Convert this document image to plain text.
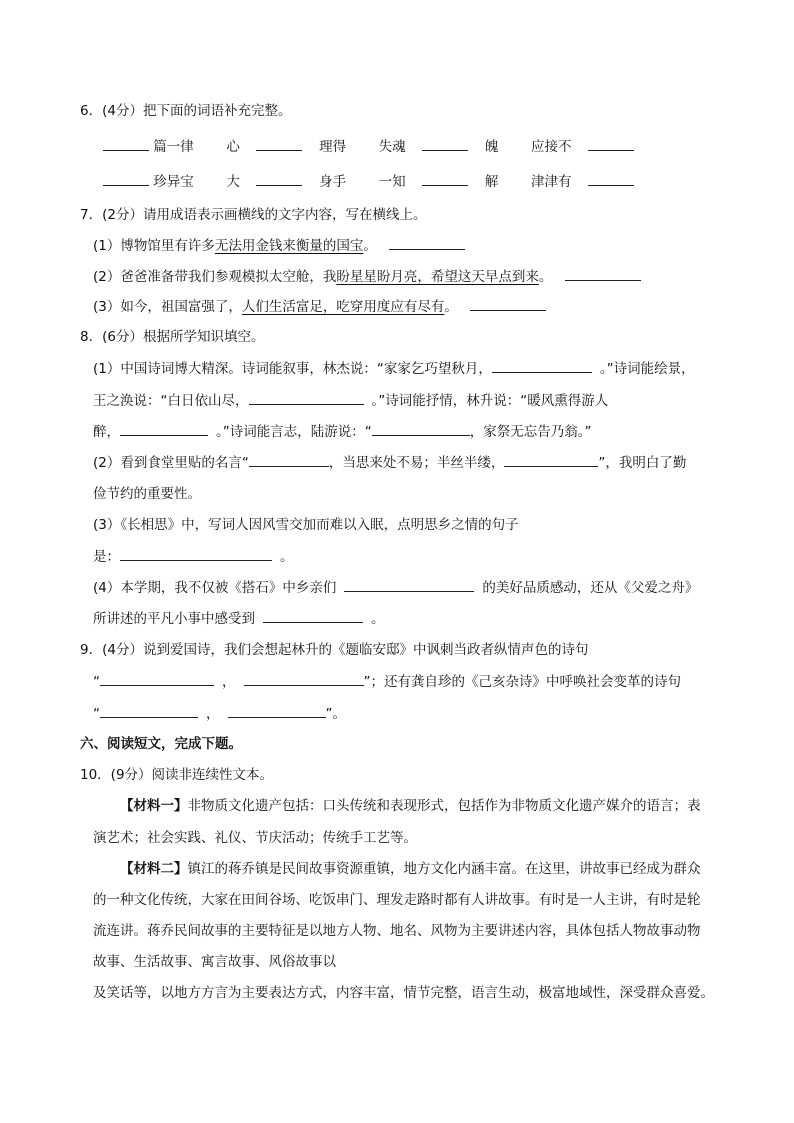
6．(4分）把下面的词语补充完整。
篇一律 心	理得 失魂	魄 应接不
珍异宝 大	身手 一知	解 津津有
7．(2分）请用成语表示画横线的文字内容，写在横线上。
(1）博物馆里有许多无法用金钱来衡量的国宝。
(2）爸爸准备带我们参观模拟太空舱，我盼星星盼月亮，希望这天早点到来。
(3）如今，祖国富强了，人们生活富足，吃穿用度应有尽有。
8．(6分）根据所学知识填空。
(1）中国诗词博大精深。诗词能叙事，林杰说：“家家乞巧望秋月，	。”诗词能绘景，
王之涣说：“白日依山尽，	。”诗词能抒情，林升说：“暖风熏得游人
醉，	。”诗词能言志，陆游说：“	，家祭无忘告乃翁。”
(2）看到食堂里贴的名言“	，当思来处不易；半丝半缕，	”，我明白了勤
俭节约的重要性。
(3）《长相思》中，写词人因风雪交加而难以入眠，点明思乡之情的句子
是：	。
(4）本学期，我不仅被《搭石》中乡亲们	的美好品质感动，还从《父爱之舟》
所讲述的平凡小事中感受到	。
9．(4分）说到爱国诗，我们会想起林升的《题临安邸》中讽刺当政者纵情声色的诗句
“	，	”；还有龚自珍的《己亥杂诗》中呼唤社会变革的诗句
“	，	”。
六、阅读短文，完成下题。
10．(9分）阅读非连续性文本。
【材料一】非物质文化遗产包括：口头传统和表现形式，包括作为非物质文化遗产媒介的语言；表
演艺术；社会实践、礼仪、节庆活动；传统手工艺等。
【材料二】镇江的蒋乔镇是民间故事资源重镇，地方文化内涵丰富。在这里，讲故事已经成为群众
的一种文化传统，大家在田间谷场、吃饭串门、理发走路时都有人讲故事。有时是一人主讲，有时是轮
流连讲。蒋乔民间故事的主要特征是以地方人物、地名、风物为主要讲述内容，具体包括人物故事动物
故事、生活故事、寓言故事、风俗故事以
及笑话等，以地方方言为主要表达方式，内容丰富，情节完整，语言生动，极富地域性，深受群众喜爱。
